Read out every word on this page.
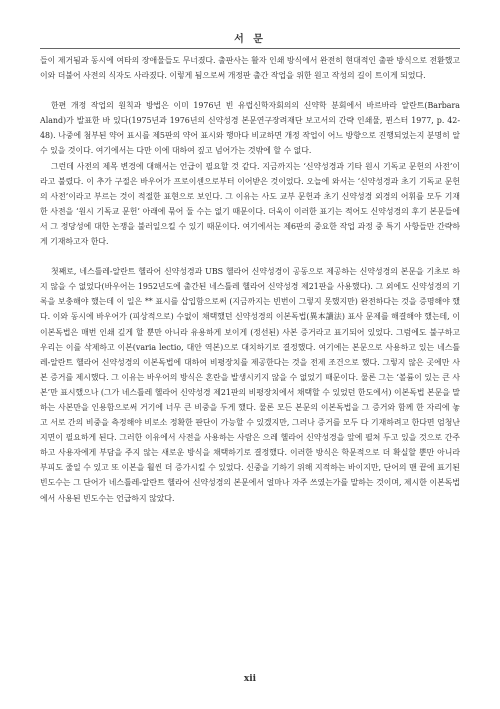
서 문

들이 제거됨과 동시에 여타의 장애물들도 무너졌다. 출판사는 활자 인쇄 방식에서 완전히 현대적인 출판 방식으로 전환했고 이와 더불어 사전의 식자도 사라졌다. 이렇게 됨으로써 개정판 출간 작업을 위한 원고 작성의 길이 트이게 되었다.

한편 개정 작업의 원칙과 방법은 이미 1976년 빈 유럽신학자회의의 신약학 분회에서 바르바라 알란트(Barbara Aland)가 발표한 바 있다(1975년과 1976년의 신약성경 본문연구장려재단 보고서의 간략 인쇄물, 뮌스터 1977, p. 42-48). 나중에 첨부된 약어 표시를 제5판의 약어 표시와 행마다 비교하면 개정 작업이 어느 방향으로 진행되었는지 분명히 알 수 있을 것이다. 여기에서는 다만 이에 대하여 짚고 넘어가는 것밖에 할 수 없다.

그런데 사전의 제목 변경에 대해서는 언급이 필요할 것 같다. 지금까지는 ‘신약성경과 기타 원시 기독교 문헌의 사전’이라고 불렸다. 이 추가 구절은 바우어가 프로이센으로부터 이어받은 것이었다. 오늘에 와서는 ‘신약성경과 초기 기독교 문헌의 사전’이라고 부르는 것이 적절한 표현으로 보인다. 그 이유는 사도 교부 문헌과 초기 신약성경 외경의 어휘를 모두 기재한 사전을 ‘원시 기독교 문헌’ 아래에 묶어 둘 수는 없기 때문이다. 더욱이 이러한 표기는 적어도 신약성경의 후기 본문들에서 그 정당성에 대한 논쟁을 불러일으킬 수 있기 때문이다. 여기에서는 제6판의 중요한 작업 과정 중 특기 사항들만 간략하게 기재하고자 한다.

첫째로, 네스틀레-알란트 헬라어 신약성경과 UBS 헬라어 신약성경이 공동으로 제공하는 신약성경의 본문을 기초로 하지 않을 수 없었다(바우어는 1952년도에 출간된 네스틀레 헬라어 신약성경 제21판을 사용했다). 그 외에도 신약성경의 기록을 보충해야 했는데 이 일은 ** 표시를 삽입함으로써 (지금까지는 빈번이 그렇지 못했지만) 완전하다는 것을 증명해야 했다. 이와 동시에 바우어가 (피상적으로) 수없이 채택했던 신약성경의 이본독법(異本讀法) 표사 문제를 해결해야 했는데, 이 이본독법은 매번 인쇄 깊게 할 뿐만 아니라 유용하게 보이게 (정선된) 사본 증거라고 표기되어 있었다. 그럼에도 불구하고 우리는 이를 삭제하고 이본(varia lectio, 대안 역본)으로 대치하기로 결정했다. 여기에는 본문으로 사용하고 있는 네스틀레-알란트 헬라어 신약성경의 이본독법에 대하여 비평장치를 제공한다는 것을 전제 조건으로 했다. 그렇지 않은 곳에만 사본 증거를 제시했다. 그 이유는 바우어의 방식은 혼란을 발생시키지 않을 수 없었기 때문이다. 물론 그는 ‘볼륨이 있는 큰 사본’만 표시했으나 (그가 네스틀레 헬라어 신약성경 제21판의 비평장치에서 채택할 수 있었던 한도에서) 이본독법 본문을 말하는 사본만을 인용함으로써 거기에 너무 큰 비중을 두게 했다. 물론 모든 본문의 이본독법을 그 증거와 함께 한 자리에 놓고 서로 간의 비중을 측정해야 비로소 정확한 판단이 가능할 수 있겠지만, 그러나 증거를 모두 다 기재하려고 한다면 엄청난 지면이 필요하게 된다. 그러한 이유에서 사전을 사용하는 사람은 으레 헬라어 신약성경을 앞에 펼쳐 두고 있을 것으로 간주하고 사용자에게 부담을 주지 않는 새로운 방식을 채택하기로 결정했다. 이러한 방식은 학문적으로 더 확실할 뿐만 아니라 부피도 줄일 수 있고 또 이본을 훨씬 더 증가시킬 수 있었다. 신중을 기하기 위해 지적하는 바이지만, 단어의 맨 끝에 표기된 빈도수는 그 단어가 네스틀레-알란트 헬라어 신약성경의 본문에서 얼마나 자주 쓰였는가를 말하는 것이며, 제시한 이본독법에서 사용된 빈도수는 언급하지 않았다.

xii
